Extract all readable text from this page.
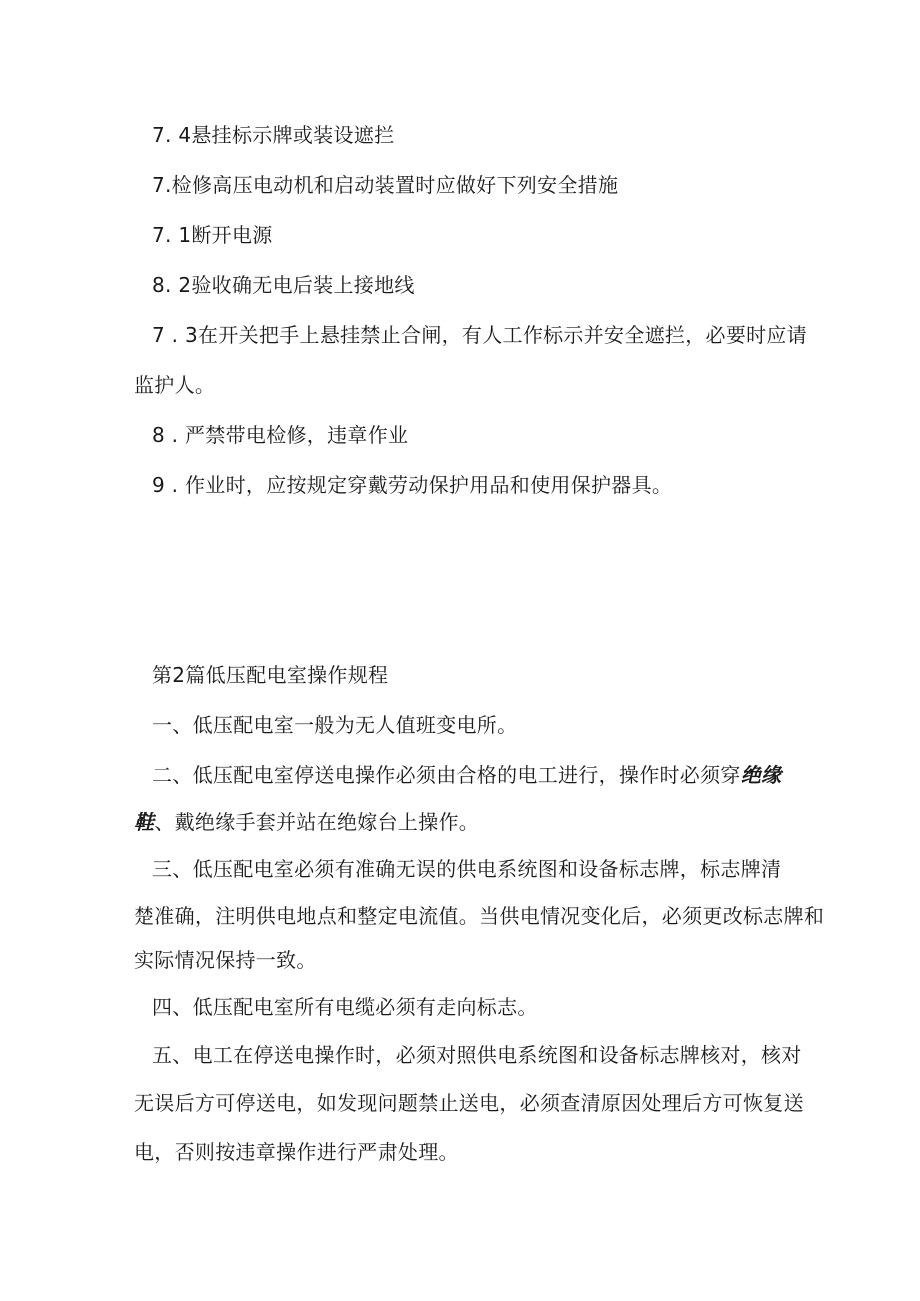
7. 4悬挂标示牌或装设遮拦
7.检修高压电动机和启动装置时应做好下列安全措施
7. 1断开电源
8. 2验收确无电后装上接地线
7 . 3在开关把手上悬挂禁止合闸，有人工作标示并安全遮拦，必要时应请
监护人。
8 . 严禁带电检修，违章作业
9 . 作业时，应按规定穿戴劳动保护用品和使用保护器具。
第2篇低压配电室操作规程
一、低压配电室一般为无人值班变电所。
二、低压配电室停送电操作必须由合格的电工进行，操作时必须穿绝缘
鞋、戴绝缘手套并站在绝嫁台上操作。
三、低压配电室必须有准确无误的供电系统图和设备标志牌，标志牌清
楚准确，注明供电地点和整定电流值。当供电情况变化后，必须更改标志牌和
实际情况保持一致。
四、低压配电室所有电缆必须有走向标志。
五、电工在停送电操作时，必须对照供电系统图和设备标志牌核对，核对
无误后方可停送电，如发现问题禁止送电，必须查清原因处理后方可恢复送
电，否则按违章操作进行严肃处理。
